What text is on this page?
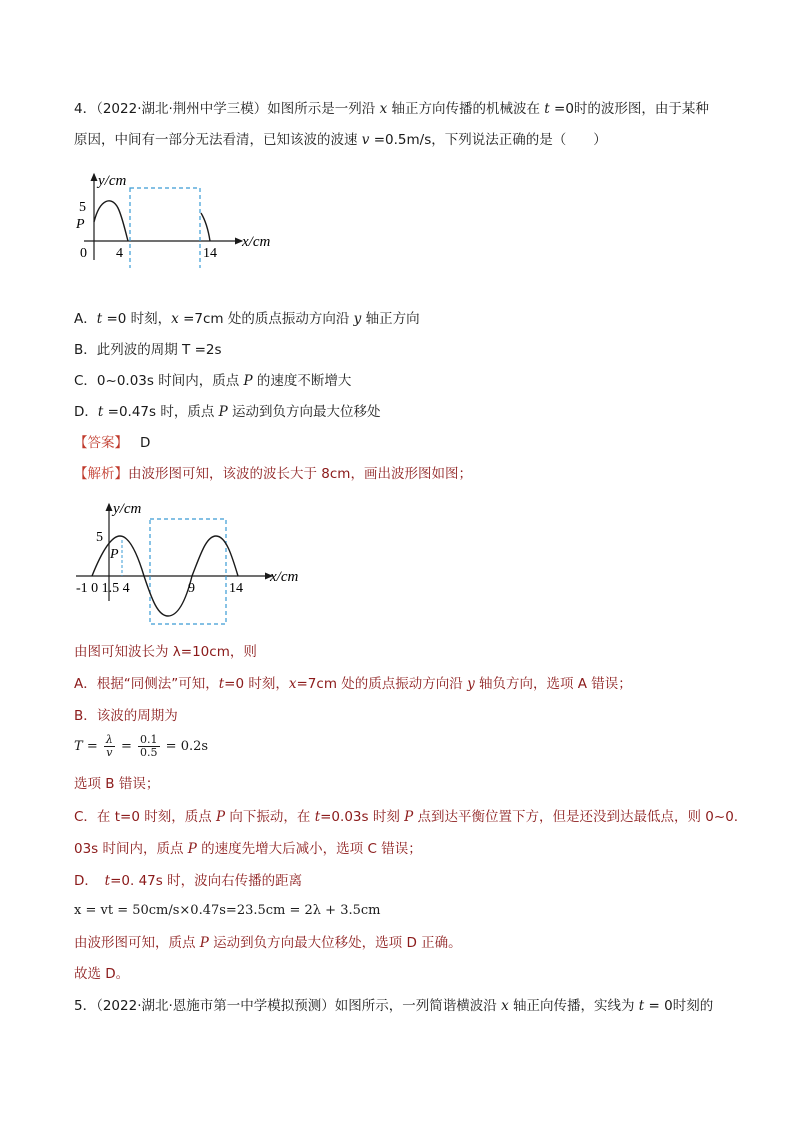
4．（2022·湖北·荆州中学三模）如图所示是一列沿 x 轴正方向传播的机械波在 t =0时的波形图，由于某种
原因，中间有一部分无法看清，已知该波的波速 v =0.5m/s，下列说法正确的是（　　）
y/cm
x/cm
5
P
0 4	14
A．t =0 时刻，x =7cm 处的质点振动方向沿 y 轴正方向
B．此列波的周期 T =2s
C．0~0.03s 时间内，质点 P 的速度不断增大
D．t =0.47s 时，质点 P 运动到负方向最大位移处
【答案】 D
【解析】由波形图可知，该波的波长大于 8cm，画出波形图如图；
y/cm
x/cm
5
P
-1 0 1.5 4	9 14
由图可知波长为 λ=10cm，则
A．根据“同侧法”可知，t=0 时刻，x=7cm 处的质点振动方向沿 y 轴负方向，选项 A 错误；
B．该波的周期为
$T = \frac{\lambda}{v} = \frac{0.1}{0.5} = 0.2s$
选项 B 错误；
C．在 t=0 时刻，质点 P 向下振动，在 t=0.03s 时刻 P 点到达平衡位置下方，但是还没到达最低点，则 0~0.
03s 时间内，质点 P 的速度先增大后减小，选项 C 错误；
D．　t=0. 47s 时，波向右传播的距离
x = vt = 50cm/s×0.47s=23.5cm = 2λ + 3.5cm
由波形图可知，质点 P 运动到负方向最大位移处，选项 D 正确。
故选 D。
5．（2022·湖北·恩施市第一中学模拟预测）如图所示，一列简谐横波沿 x 轴正向传播，实线为 t = 0时刻的
